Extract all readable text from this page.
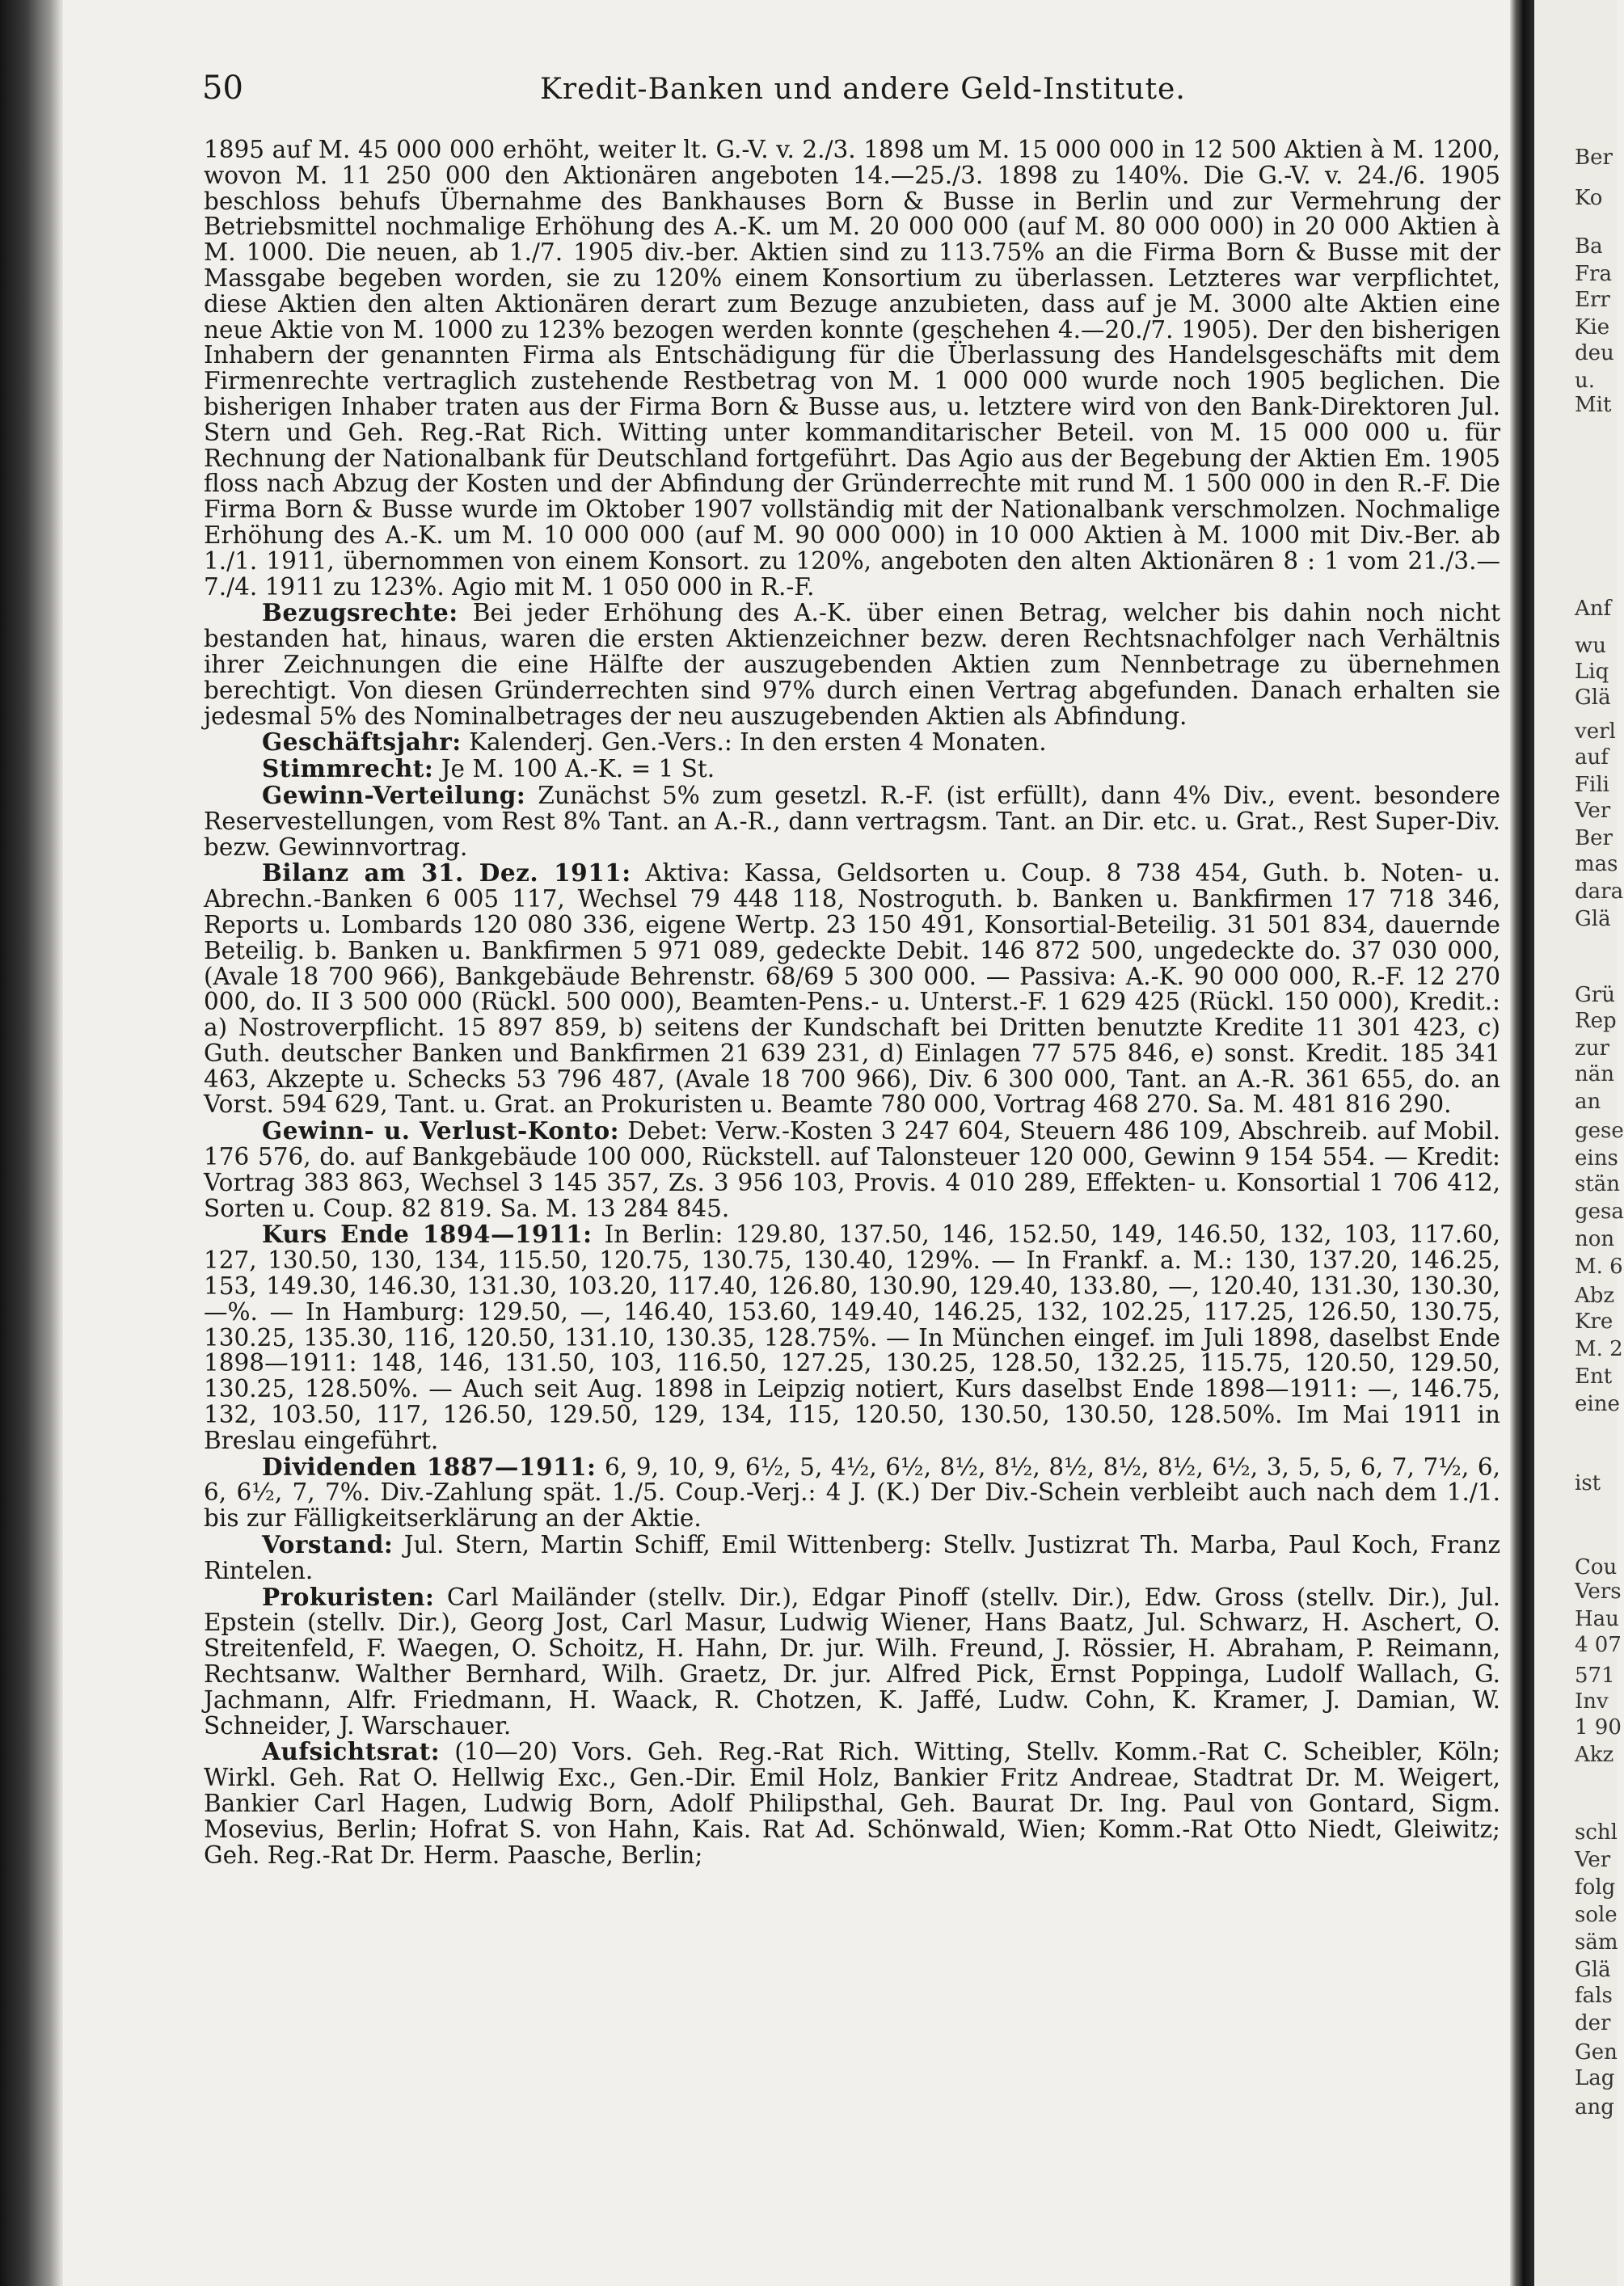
50	Kredit-Banken und andere Geld-Institute.

1895 auf M. 45 000 000 erhöht, weiter lt. G.-V. v. 2./3. 1898 um M. 15 000 000 in 12 500 Aktien à M. 1200, wovon M. 11 250 000 den Aktionären angeboten 14.—25./3. 1898 zu 140%. Die G.-V. v. 24./6. 1905 beschloss behufs Übernahme des Bankhauses Born & Busse in Berlin und zur Vermehrung der Betriebsmittel nochmalige Erhöhung des A.-K. um M. 20 000 000 (auf M. 80 000 000) in 20 000 Aktien à M. 1000. Die neuen, ab 1./7. 1905 div.-ber. Aktien sind zu 113.75% an die Firma Born & Busse mit der Massgabe begeben worden, sie zu 120% einem Konsortium zu überlassen. Letzteres war verpflichtet, diese Aktien den alten Aktionären derart zum Bezuge anzubieten, dass auf je M. 3000 alte Aktien eine neue Aktie von M. 1000 zu 123% bezogen werden konnte (geschehen 4.—20./7. 1905). Der den bisherigen Inhabern der genannten Firma als Entschädigung für die Überlassung des Handelsgeschäfts mit dem Firmenrechte vertraglich zustehende Restbetrag von M. 1 000 000 wurde noch 1905 beglichen. Die bisherigen Inhaber traten aus der Firma Born & Busse aus, u. letztere wird von den Bank-Direktoren Jul. Stern und Geh. Reg.-Rat Rich. Witting unter kommanditarischer Beteil. von M. 15 000 000 u. für Rechnung der Nationalbank für Deutschland fortgeführt. Das Agio aus der Begebung der Aktien Em. 1905 floss nach Abzug der Kosten und der Abfindung der Gründerrechte mit rund M. 1 500 000 in den R.-F. Die Firma Born & Busse wurde im Oktober 1907 vollständig mit der Nationalbank verschmolzen. Nochmalige Erhöhung des A.-K. um M. 10 000 000 (auf M. 90 000 000) in 10 000 Aktien à M. 1000 mit Div.-Ber. ab 1./1. 1911, übernommen von einem Konsort. zu 120%, angeboten den alten Aktionären 8 : 1 vom 21./3.—7./4. 1911 zu 123%. Agio mit M. 1 050 000 in R.-F.

Bezugsrechte: Bei jeder Erhöhung des A.-K. über einen Betrag, welcher bis dahin noch nicht bestanden hat, hinaus, waren die ersten Aktienzeichner bezw. deren Rechtsnachfolger nach Verhältnis ihrer Zeichnungen die eine Hälfte der auszugebenden Aktien zum Nennbetrage zu übernehmen berechtigt. Von diesen Gründerrechten sind 97% durch einen Vertrag abgefunden. Danach erhalten sie jedesmal 5% des Nominalbetrages der neu auszugebenden Aktien als Abfindung.

Geschäftsjahr: Kalenderj. Gen.-Vers.: In den ersten 4 Monaten.

Stimmrecht: Je M. 100 A.-K. = 1 St.

Gewinn-Verteilung: Zunächst 5% zum gesetzl. R.-F. (ist erfüllt), dann 4% Div., event. besondere Reservestellungen, vom Rest 8% Tant. an A.-R., dann vertragsm. Tant. an Dir. etc. u. Grat., Rest Super-Div. bezw. Gewinnvortrag.

Bilanz am 31. Dez. 1911: Aktiva: Kassa, Geldsorten u. Coup. 8 738 454, Guth. b. Noten- u. Abrechn.-Banken 6 005 117, Wechsel 79 448 118, Nostroguth. b. Banken u. Bankfirmen 17 718 346, Reports u. Lombards 120 080 336, eigene Wertp. 23 150 491, Konsortial-Beteilig. 31 501 834, dauernde Beteilig. b. Banken u. Bankfirmen 5 971 089, gedeckte Debit. 146 872 500, ungedeckte do. 37 030 000, (Avale 18 700 966), Bankgebäude Behrenstr. 68/69 5 300 000. — Passiva: A.-K. 90 000 000, R.-F. 12 270 000, do. II 3 500 000 (Rückl. 500 000), Beamten-Pens.- u. Unterst.-F. 1 629 425 (Rückl. 150 000), Kredit.: a) Nostroverpflicht. 15 897 859, b) seitens der Kundschaft bei Dritten benutzte Kredite 11 301 423, c) Guth. deutscher Banken und Bankfirmen 21 639 231, d) Einlagen 77 575 846, e) sonst. Kredit. 185 341 463, Akzepte u. Schecks 53 796 487, (Avale 18 700 966), Div. 6 300 000, Tant. an A.-R. 361 655, do. an Vorst. 594 629, Tant. u. Grat. an Prokuristen u. Beamte 780 000, Vortrag 468 270. Sa. M. 481 816 290.

Gewinn- u. Verlust-Konto: Debet: Verw.-Kosten 3 247 604, Steuern 486 109, Abschreib. auf Mobil. 176 576, do. auf Bankgebäude 100 000, Rückstell. auf Talonsteuer 120 000, Gewinn 9 154 554. — Kredit: Vortrag 383 863, Wechsel 3 145 357, Zs. 3 956 103, Provis. 4 010 289, Effekten- u. Konsortial 1 706 412, Sorten u. Coup. 82 819. Sa. M. 13 284 845.

Kurs Ende 1894—1911: In Berlin: 129.80, 137.50, 146, 152.50, 149, 146.50, 132, 103, 117.60, 127, 130.50, 130, 134, 115.50, 120.75, 130.75, 130.40, 129%. — In Frankf. a. M.: 130, 137.20, 146.25, 153, 149.30, 146.30, 131.30, 103.20, 117.40, 126.80, 130.90, 129.40, 133.80, —, 120.40, 131.30, 130.30, —%. — In Hamburg: 129.50, —, 146.40, 153.60, 149.40, 146.25, 132, 102.25, 117.25, 126.50, 130.75, 130.25, 135.30, 116, 120.50, 131.10, 130.35, 128.75%. — In München eingef. im Juli 1898, daselbst Ende 1898—1911: 148, 146, 131.50, 103, 116.50, 127.25, 130.25, 128.50, 132.25, 115.75, 120.50, 129.50, 130.25, 128.50%. — Auch seit Aug. 1898 in Leipzig notiert, Kurs daselbst Ende 1898—1911: —, 146.75, 132, 103.50, 117, 126.50, 129.50, 129, 134, 115, 120.50, 130.50, 130.50, 128.50%. Im Mai 1911 in Breslau eingeführt.

Dividenden 1887—1911: 6, 9, 10, 9, 6½, 5, 4½, 6½, 8½, 8½, 8½, 8½, 8½, 6½, 3, 5, 5, 6, 7, 7½, 6, 6, 6½, 7, 7%. Div.-Zahlung spät. 1./5. Coup.-Verj.: 4 J. (K.) Der Div.-Schein verbleibt auch nach dem 1./1. bis zur Fälligkeitserklärung an der Aktie.

Vorstand: Jul. Stern, Martin Schiff, Emil Wittenberg: Stellv. Justizrat Th. Marba, Paul Koch, Franz Rintelen.

Prokuristen: Carl Mailänder (stellv. Dir.), Edgar Pinoff (stellv. Dir.), Edw. Gross (stellv. Dir.), Jul. Epstein (stellv. Dir.), Georg Jost, Carl Masur, Ludwig Wiener, Hans Baatz, Jul. Schwarz, H. Aschert, O. Streitenfeld, F. Waegen, O. Schoitz, H. Hahn, Dr. jur. Wilh. Freund, J. Rössier, H. Abraham, P. Reimann, Rechtsanw. Walther Bernhard, Wilh. Graetz, Dr. jur. Alfred Pick, Ernst Poppinga, Ludolf Wallach, G. Jachmann, Alfr. Friedmann, H. Waack, R. Chotzen, K. Jaffé, Ludw. Cohn, K. Kramer, J. Damian, W. Schneider, J. Warschauer.

Aufsichtsrat: (10—20) Vors. Geh. Reg.-Rat Rich. Witting, Stellv. Komm.-Rat C. Scheibler, Köln; Wirkl. Geh. Rat O. Hellwig Exc., Gen.-Dir. Emil Holz, Bankier Fritz Andreae, Stadtrat Dr. M. Weigert, Bankier Carl Hagen, Ludwig Born, Adolf Philipsthal, Geh. Baurat Dr. Ing. Paul von Gontard, Sigm. Mosevius, Berlin; Hofrat S. von Hahn, Kais. Rat Ad. Schönwald, Wien; Komm.-Rat Otto Niedt, Gleiwitz; Geh. Reg.-Rat Dr. Herm. Paasche, Berlin;

Ber
Ko
Ba
Fra
Err
Kie
deu
u.
Mit
Anf
wu
Liq
Glä
verl
auf
Fili
Ver
Ber
mas
dara
Glä
Grü
Rep
zur
nän
an
gese
eins
stän
gesa
non
M. 6
Abz
Kre
M. 2
Ent
eine
ist
Cou
Vers
Hau
4 07
571
Inv
1 90
Akz
schl
Ver
folg
sole
säm
Glä
fals
der
Gen
Lag
ang
